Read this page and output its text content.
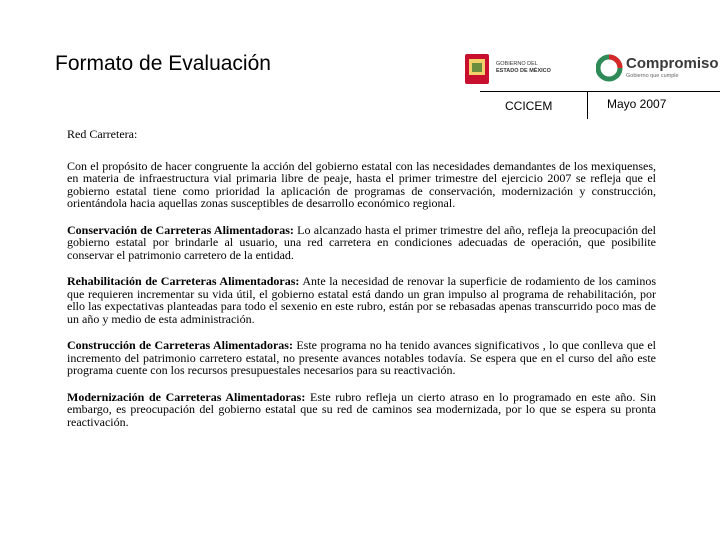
Formato de Evaluación	GOBIERNO DEL
ESTADO DE MÉXICO	Compromiso
Gobierno que cumple
CCICEM	Mayo 2007

Red Carretera:

Con el propósito de hacer congruente la acción del gobierno estatal con las necesidades demandantes de los mexiquenses, en materia de infraestructura vial primaria libre de peaje, hasta el primer trimestre del ejercicio 2007 se refleja que el gobierno estatal tiene como prioridad la aplicación de programas de conservación, modernización y construcción, orientándola hacia aquellas zonas susceptibles de desarrollo económico regional.

Conservación de Carreteras Alimentadoras: Lo alcanzado hasta el primer trimestre del año, refleja la preocupación del gobierno estatal por brindarle al usuario, una red carretera en condiciones adecuadas de operación, que posibilite conservar el patrimonio carretero de la entidad.

Rehabilitación de Carreteras Alimentadoras: Ante la necesidad de renovar la superficie de rodamiento de los caminos que requieren incrementar su vida útil, el gobierno estatal está dando un gran impulso al programa de rehabilitación, por ello las expectativas planteadas para todo el sexenio en este rubro, están por se rebasadas apenas transcurrido poco mas de un año y medio de esta administración.

Construcción de Carreteras Alimentadoras: Este programa no ha tenido avances significativos , lo que conlleva que el incremento del patrimonio carretero estatal, no presente avances notables todavía. Se espera que en el curso del año este programa cuente con los recursos presupuestales necesarios para su reactivación.

Modernización de Carreteras Alimentadoras: Este rubro refleja un cierto atraso en lo programado en este año. Sin embargo, es preocupación del gobierno estatal que su red de caminos sea modernizada, por lo que se espera su pronta reactivación.
